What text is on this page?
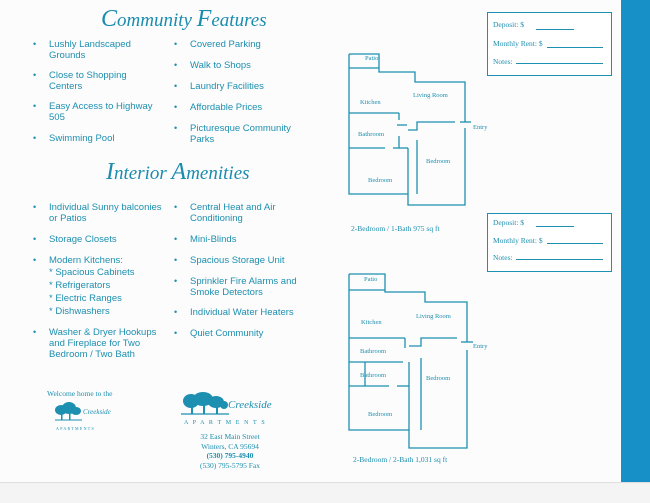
Community Features
• Lushly Landscaped Grounds
• Close to Shopping Centers
• Easy Access to Highway 505
• Swimming Pool
• Covered Parking
• Walk to Shops
• Laundry Facilities
• Affordable Prices
• Picturesque Community Parks
Interior Amenities
• Individual Sunny balconies or Patios
• Storage Closets
• Modern Kitchens:
* Spacious Cabinets
* Refrigerators
* Electric Ranges
* Dishwashers
• Washer & Dryer Hookups and Fireplace for Two Bedroom / Two Bath
• Central Heat and Air Conditioning
• Mini-Blinds
• Spacious Storage Unit
• Sprinkler Fire Alarms and Smoke Detectors
• Individual Water Heaters
• Quiet Community
Welcome home to the
Creekside
APARTMENTS
Creekside
A P A R T M E N T S
32 East Main Street
Winters, CA 95694
(530) 795-4940
(530) 795-5795 Fax
Deposit: $
Monthly Rent: $
Notes:
Deposit: $
Monthly Rent: $
Notes:
Patio
Kitchen
Living Room
Entry
Bathroom
Bedroom
Bedroom
2-Bedroom / 1-Bath 975 sq ft
Patio
Kitchen
Living Room
Entry
Bathroom
Bathroom
Bedroom
Bedroom
2-Bedroom / 2-Bath 1,031 sq ft
